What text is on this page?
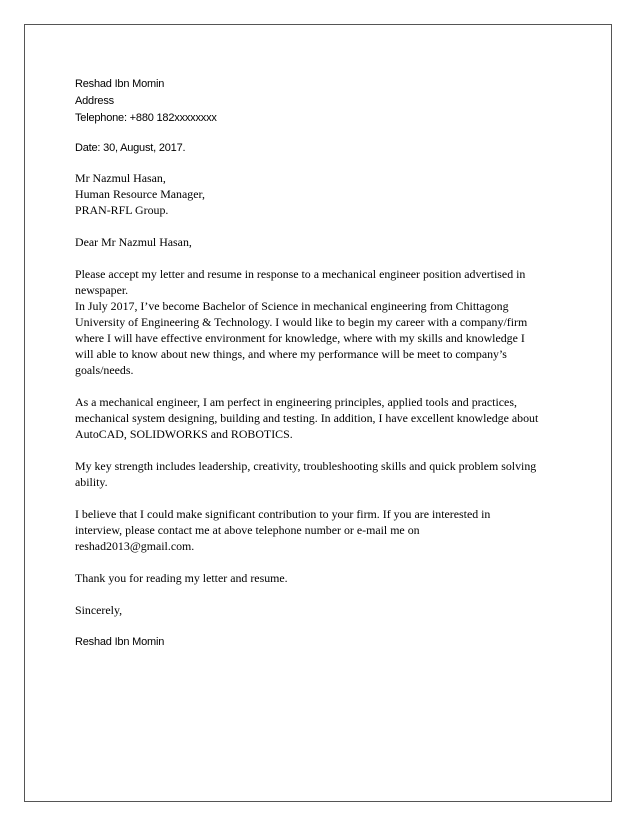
Reshad Ibn Momin
Address
Telephone: +880 182xxxxxxxx
Date: 30, August, 2017.
Mr Nazmul Hasan,
Human Resource Manager,
PRAN-RFL Group.
Dear Mr Nazmul Hasan,
Please accept my letter and resume in response to a mechanical engineer position advertised in
newspaper.
In July 2017, I’ve become Bachelor of Science in mechanical engineering from Chittagong
University of Engineering & Technology. I would like to begin my career with a company/firm
where I will have effective environment for knowledge, where with my skills and knowledge I
will able to know about new things, and where my performance will be meet to company’s
goals/needs.
As a mechanical engineer, I am perfect in engineering principles, applied tools and practices,
mechanical system designing, building and testing. In addition, I have excellent knowledge about
AutoCAD, SOLIDWORKS and ROBOTICS.
My key strength includes leadership, creativity, troubleshooting skills and quick problem solving
ability.
I believe that I could make significant contribution to your firm. If you are interested in
interview, please contact me at above telephone number or e-mail me on
reshad2013@gmail.com.
Thank you for reading my letter and resume.
Sincerely,
Reshad Ibn Momin
